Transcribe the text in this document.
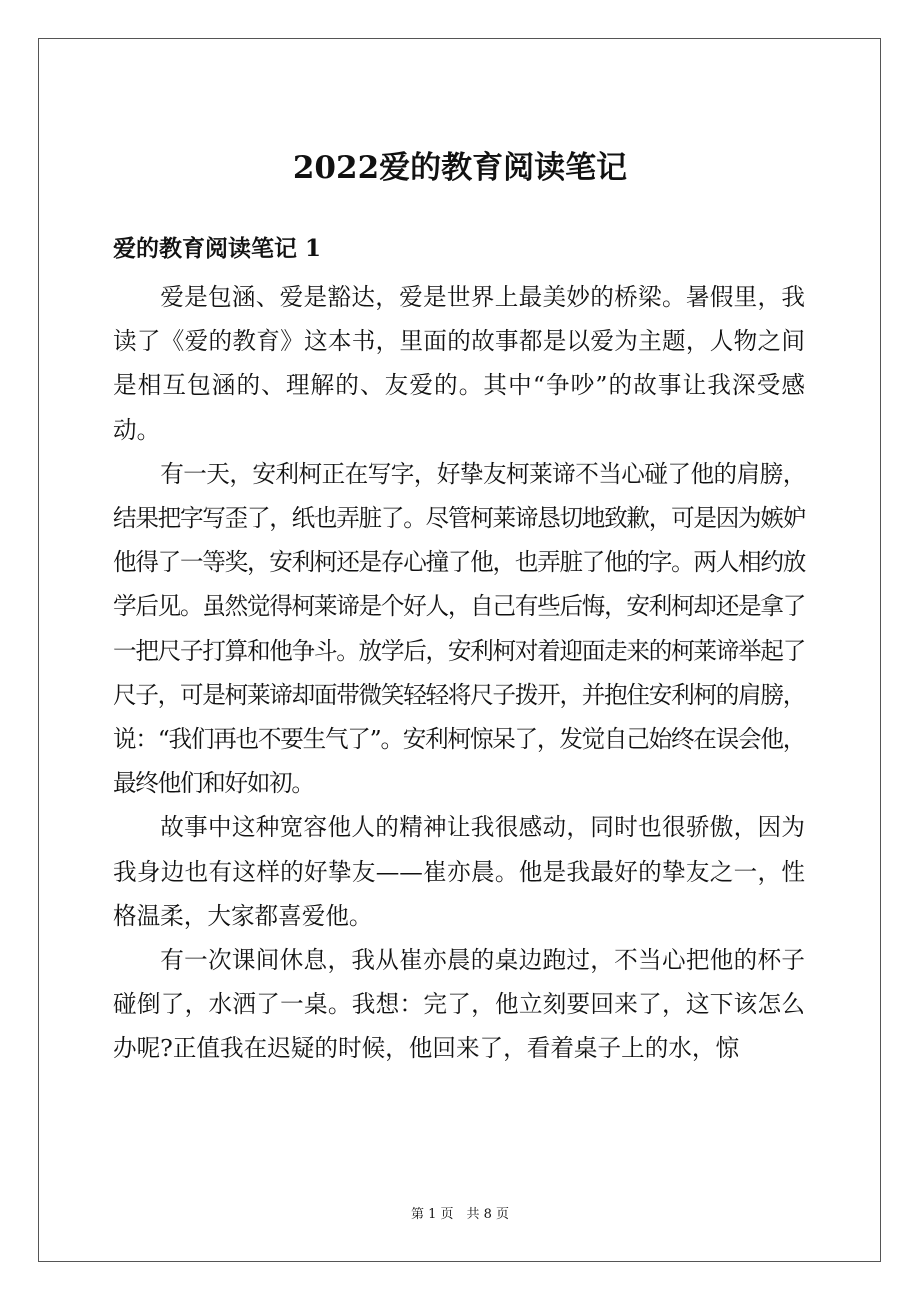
2022爱的教育阅读笔记
爱的教育阅读笔记 1

爱是包涵、爱是豁达，爱是世界上最美妙的桥梁。暑假里，我读了《爱的教育》这本书，里面的故事都是以爱为主题，人物之间是相互包涵的、理解的、友爱的。其中“争吵”的故事让我深受感动。

有一天，安利柯正在写字，好挚友柯莱谛不当心碰了他的肩膀，结果把字写歪了，纸也弄脏了。尽管柯莱谛恳切地致歉，可是因为嫉妒他得了一等奖，安利柯还是存心撞了他，也弄脏了他的字。两人相约放学后见。虽然觉得柯莱谛是个好人，自己有些后悔，安利柯却还是拿了一把尺子打算和他争斗。放学后，安利柯对着迎面走来的柯莱谛举起了尺子，可是柯莱谛却面带微笑轻轻将尺子拨开，并抱住安利柯的肩膀，说：“我们再也不要生气了”。安利柯惊呆了，发觉自己始终在误会他，最终他们和好如初。

故事中这种宽容他人的精神让我很感动，同时也很骄傲，因为我身边也有这样的好挚友——崔亦晨。他是我最好的挚友之一，性格温柔，大家都喜爱他。

有一次课间休息，我从崔亦晨的桌边跑过，不当心把他的杯子碰倒了，水洒了一桌。我想：完了，他立刻要回来了，这下该怎么办呢?正值我在迟疑的时候，他回来了，看着桌子上的水，惊

第 1 页　共 8 页
